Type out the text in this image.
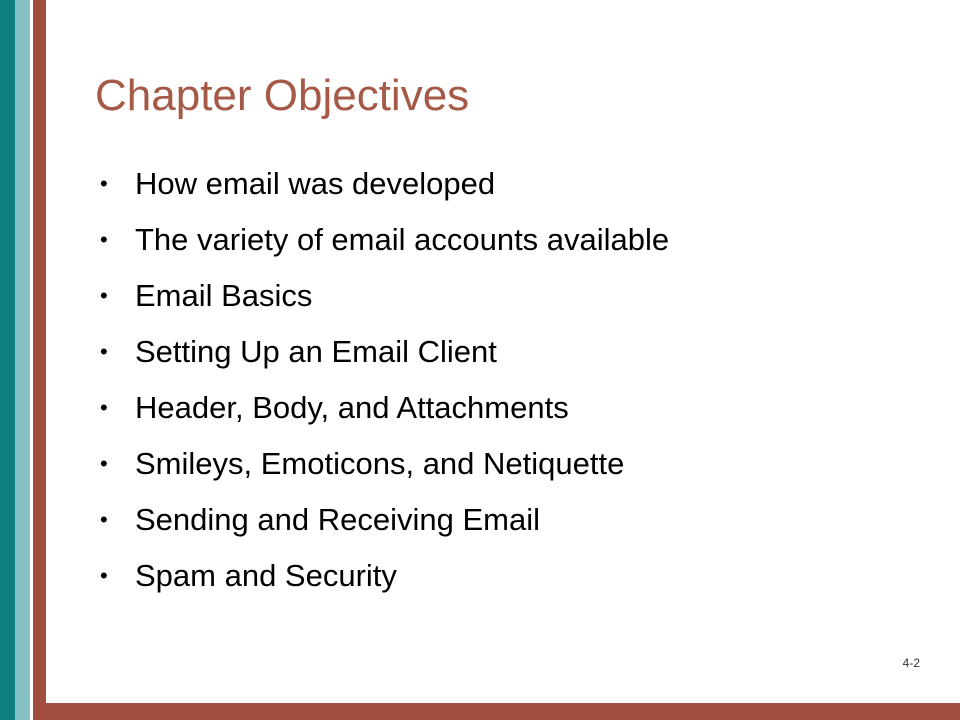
Chapter Objectives
• How email was developed
• The variety of email accounts available
• Email Basics
• Setting Up an Email Client
• Header, Body, and Attachments
• Smileys, Emoticons, and Netiquette
• Sending and Receiving Email
• Spam and Security
4-2
